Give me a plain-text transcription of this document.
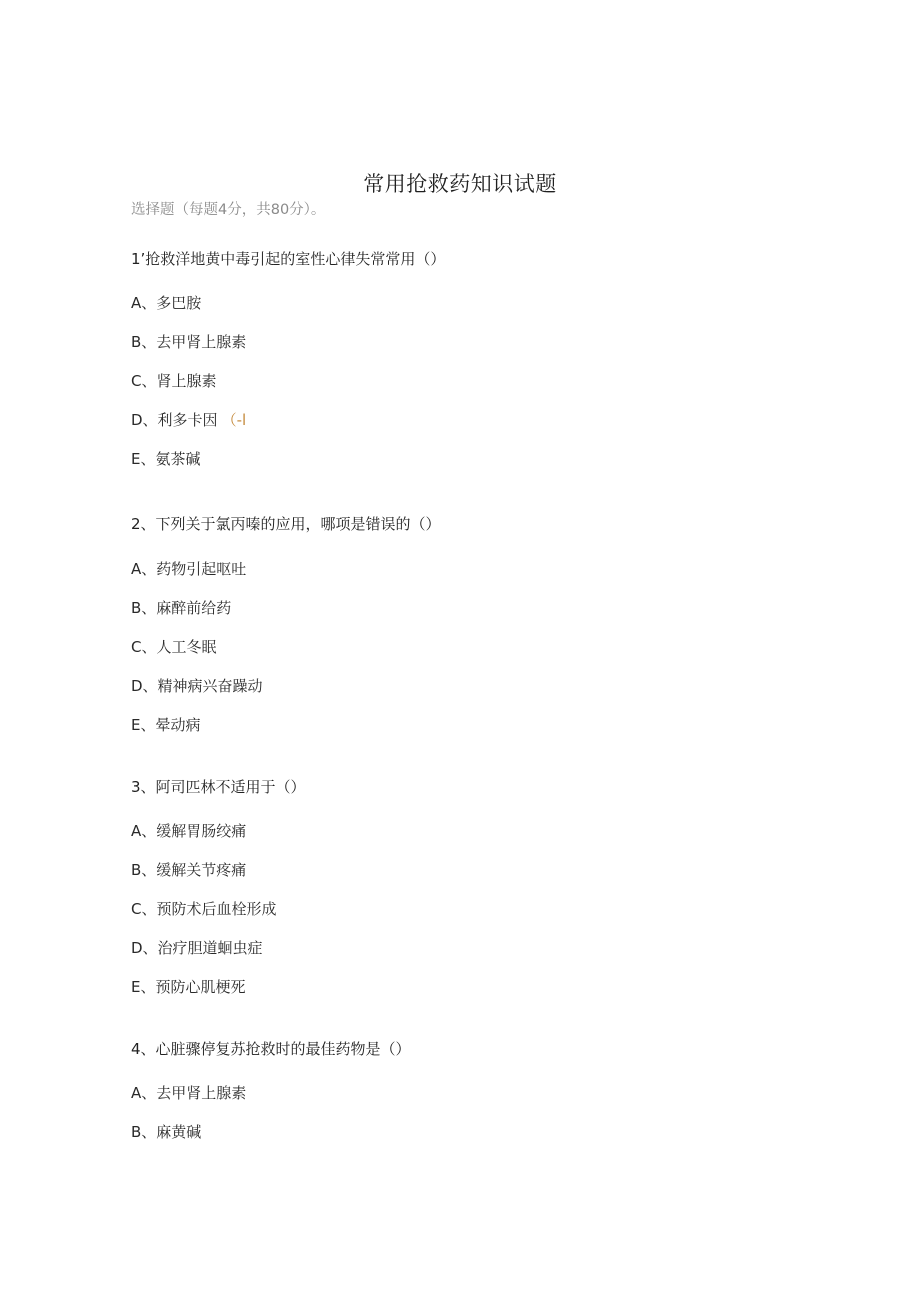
常用抢救药知识试题
选择题（每题4分，共80分）。
1’抢救洋地黄中毒引起的室性心律失常常用（）
A、多巴胺
B、去甲肾上腺素
C、肾上腺素
D、利多卡因 （-l
E、氨茶碱
2、下列关于氯丙嗪的应用，哪项是错误的（）
A、药物引起呕吐
B、麻醉前给药
C、人工冬眠
D、精神病兴奋躁动
E、晕动病
3、阿司匹林不适用于（）
A、缓解胃肠绞痛
B、缓解关节疼痛
C、预防术后血栓形成
D、治疗胆道蛔虫症
E、预防心肌梗死
4、心脏骤停复苏抢救时的最佳药物是（）
A、去甲肾上腺素
B、麻黄碱
